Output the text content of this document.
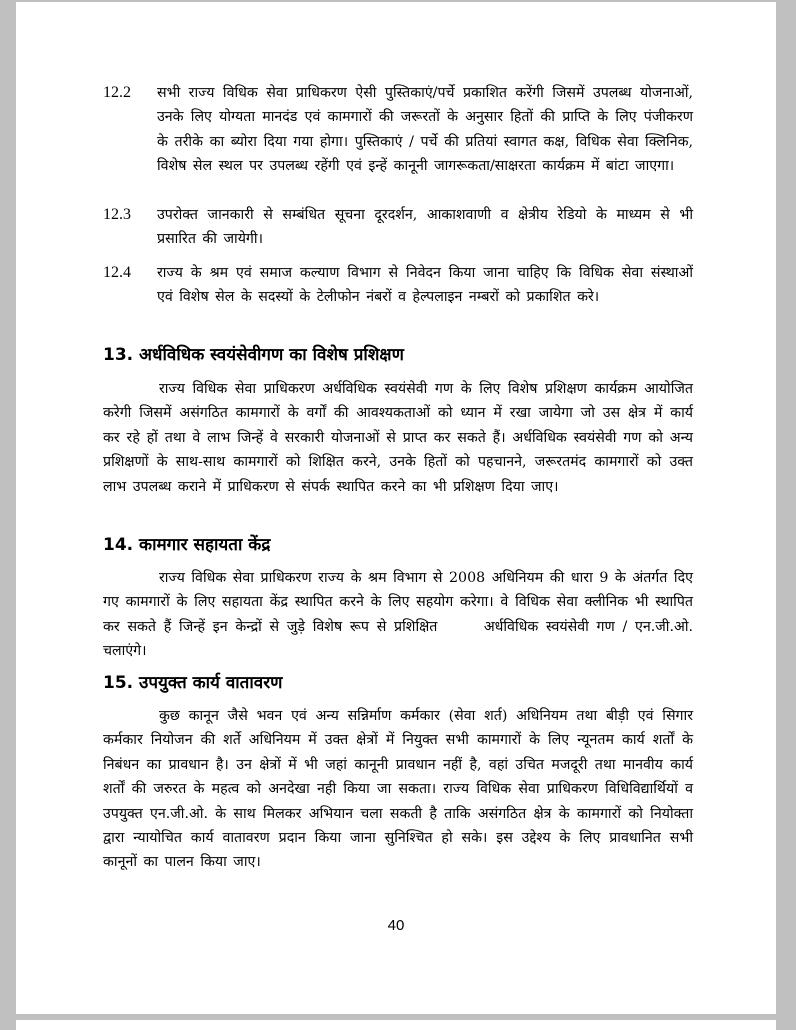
12.2	सभी राज्य विधिक सेवा प्राधिकरण ऐसी पुस्तिकाएं/पर्चे प्रकाशित करेंगी जिसमें उपलब्ध योजनाओं, उनके लिए योग्यता मानदंड एवं कामगारों की जरूरतों के अनुसार हितों की प्राप्ति के लिए पंजीकरण के तरीके का ब्योरा दिया गया होगा। पुस्तिकाएं / पर्चे की प्रतियां स्वागत कक्ष, विधिक सेवा क्लिनिक, विशेष सेल स्थल पर उपलब्ध रहेंगी एवं इन्हें कानूनी जागरूकता/साक्षरता कार्यक्रम में बांटा जाएगा।
12.3	उपरोक्त जानकारी से सम्बंधित सूचना दूरदर्शन, आकाशवाणी व क्षेत्रीय रेडियो के माध्यम से भी प्रसारित की जायेगी।
12.4	राज्य के श्रम एवं समाज कल्याण विभाग से निवेदन किया जाना चाहिए कि विधिक सेवा संस्थाओं एवं विशेष सेल के सदस्यों के टेलीफोन नंबरों व हेल्पलाइन नम्बरों को प्रकाशित करे।
13. अर्धविधिक स्वयंसेवीगण का विशेष प्रशिक्षण
राज्य विधिक सेवा प्राधिकरण अर्धविधिक स्वयंसेवी गण के लिए विशेष प्रशिक्षण कार्यक्रम आयोजित करेगी जिसमें असंगठित कामगारों के वर्गों की आवश्यकताओं को ध्यान में रखा जायेगा जो उस क्षेत्र में कार्य कर रहे हों तथा वे लाभ जिन्हें वे सरकारी योजनाओं से प्राप्त कर सकते हैं। अर्धविधिक स्वयंसेवी गण को अन्य प्रशिक्षणों के साथ-साथ कामगारों को शिक्षित करने, उनके हितों को पहचानने, जरूरतमंद कामगारों को उक्त लाभ उपलब्ध कराने में प्राधिकरण से संपर्क स्थापित करने का भी प्रशिक्षण दिया जाए।
14. कामगार सहायता केंद्र
राज्य विधिक सेवा प्राधिकरण राज्य के श्रम विभाग से 2008 अधिनियम की धारा 9 के अंतर्गत दिए गए कामगारों के लिए सहायता केंद्र स्थापित करने के लिए सहयोग करेगा। वे विधिक सेवा क्लीनिक भी स्थापित कर सकते हैं जिन्हें इन केन्द्रों से जुड़े विशेष रूप से प्रशिक्षित      अर्धविधिक स्वयंसेवी गण / एन.जी.ओ. चलाएंगे।
15. उपयुक्त कार्य वातावरण
कुछ कानून जैसे भवन एवं अन्य सन्निर्माण कर्मकार (सेवा शर्त) अधिनियम तथा बीड़ी एवं सिगार कर्मकार नियोजन की शर्ते अधिनियम में उक्त क्षेत्रों में नियुक्त सभी कामगारों के लिए न्यूनतम कार्य शर्तों के निबंधन का प्रावधान है। उन क्षेत्रों में भी जहां कानूनी प्रावधान नहीं है, वहां उचित मजदूरी तथा मानवीय कार्य शर्तों की जरुरत के महत्व को अनदेखा नही किया जा सकता। राज्य विधिक सेवा प्राधिकरण विधिविद्यार्थियों व उपयुक्त एन.जी.ओ. के साथ मिलकर अभियान चला सकती है ताकि असंगठित क्षेत्र के कामगारों को नियोक्ता द्वारा न्यायोचित कार्य वातावरण प्रदान किया जाना सुनिश्चित हो सके। इस उद्देश्य के लिए प्रावधानित सभी कानूनों का पालन किया जाए।
40
